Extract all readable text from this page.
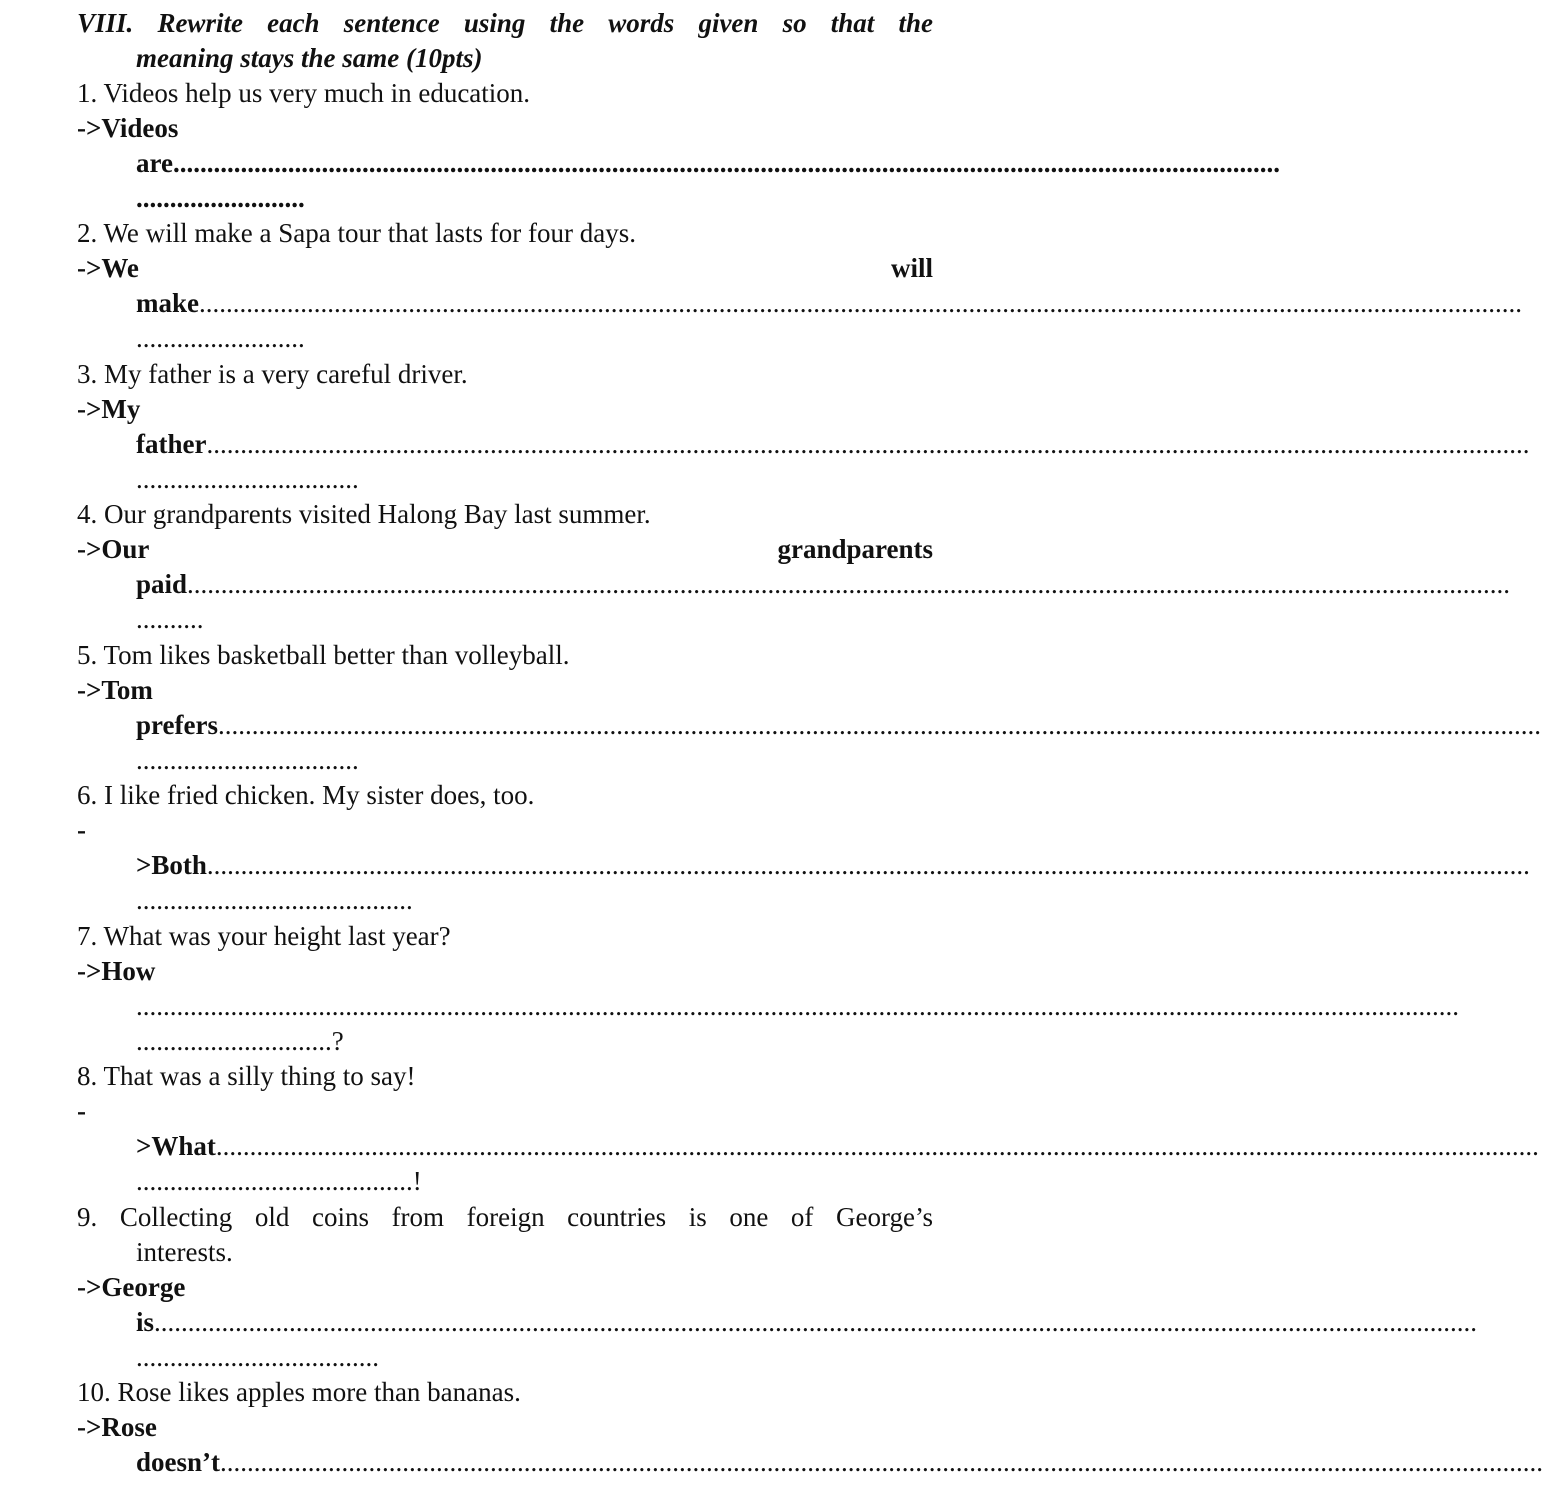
VIII. Rewrite each sentence using the words given so that the
meaning stays the same (10pts)
1. Videos help us very much in education.
->Videos
are ....................................................................................................................................................................
.........................
2. We will make a Sapa tour that lasts for four days.
->We	will
make ....................................................................................................................................................................................................
.........................
3. My father is a very careful driver.
->My
father ....................................................................................................................................................................................................
.................................
4. Our grandparents visited Halong Bay last summer.
->Our	grandparents
paid ....................................................................................................................................................................................................
..........
5. Tom likes basketball better than volleyball.
->Tom
prefers ....................................................................................................................................................................................................
.................................
6. I like fried chicken. My sister does, too.
-
>Both ....................................................................................................................................................................................................
.........................................
7. What was your height last year?
->How
....................................................................................................................................................................................................
.............................?
8. That was a silly thing to say!
-
>What ....................................................................................................................................................................................................
.........................................!
9. Collecting old coins from foreign countries is one of George’s
interests.
->George
is ....................................................................................................................................................................................................
....................................
10. Rose likes apples more than bananas.
->Rose
doesn’t ....................................................................................................................................................................................................
